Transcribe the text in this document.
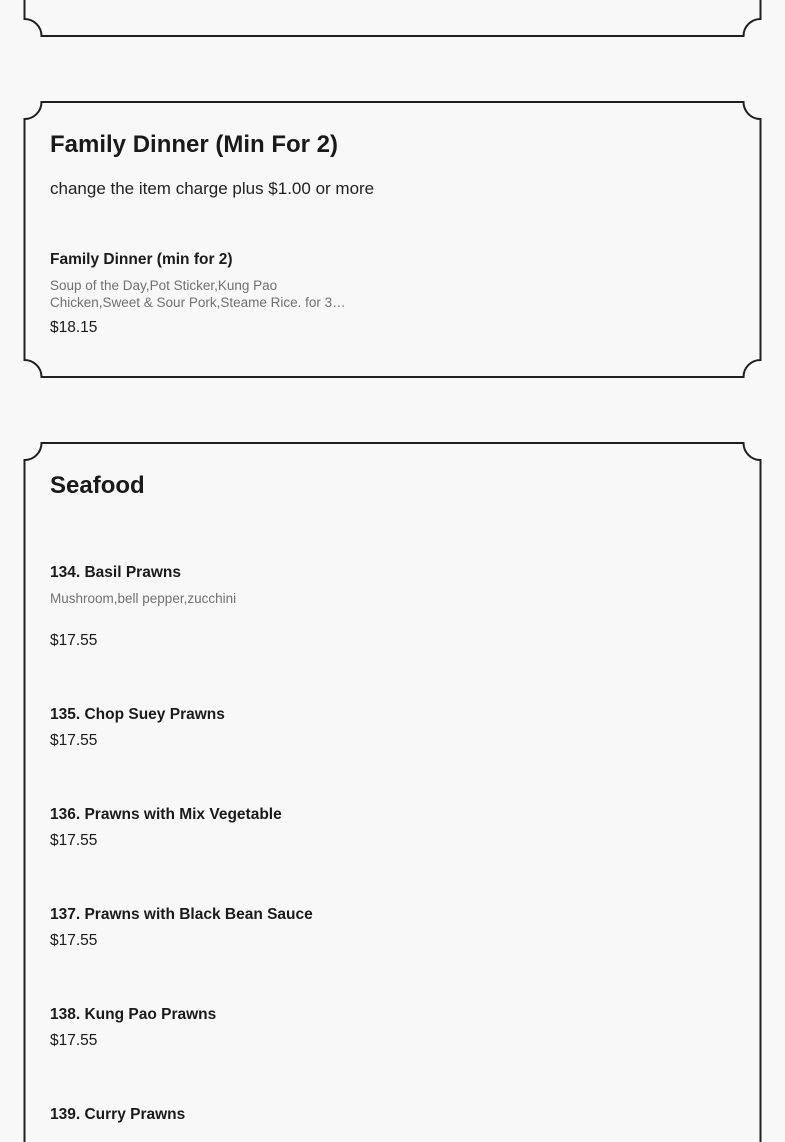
Family Dinner (Min For 2)
change the item charge plus $1.00 or more
Family Dinner (min for 2)
Soup of the Day,Pot Sticker,Kung Pao Chicken,Sweet & Sour Pork,Steame Rice. for 3…
$18.15
Seafood
134. Basil Prawns
Mushroom,bell pepper,zucchini
$17.55
135. Chop Suey Prawns
$17.55
136. Prawns with Mix Vegetable
$17.55
137. Prawns with Black Bean Sauce
$17.55
138. Kung Pao Prawns
$17.55
139. Curry Prawns
